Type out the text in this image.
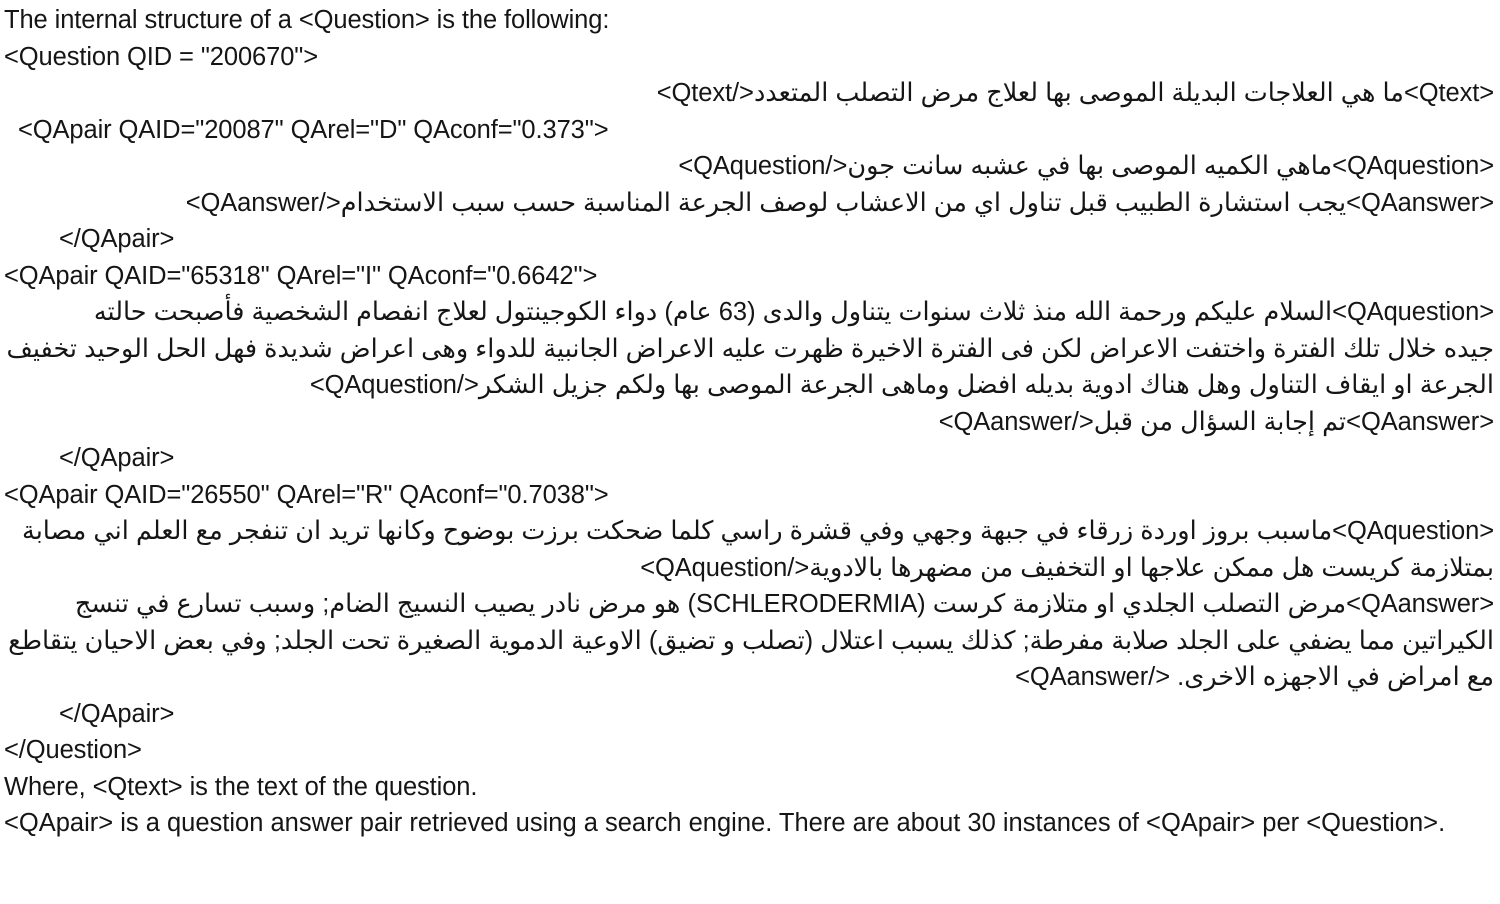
The internal structure of a <Question> is the following:
<Question QID = "200670">
<Qtext>ما هي العلاجات البديلة الموصى بها لعلاج مرض التصلب المتعدد</Qtext>
<QApair QAID="20087" QArel="D" QAconf="0.373">
<QAquestion>ماهي الكميه الموصى بها في عشبه سانت جون</QAquestion>
<QAanswer>يجب استشارة الطبيب قبل تناول اي من الاعشاب لوصف الجرعة المناسبة حسب سبب الاستخدام</QAanswer>
</QApair>
<QApair QAID="65318" QArel="I" QAconf="0.6642">
<QAquestion>السلام عليكم ورحمة الله منذ ثلاث سنوات يتناول والدى (63 عام) دواء الكوجينتول لعلاج انفصام الشخصية فأصبحت حالته
جيده خلال تلك الفترة واختفت الاعراض لكن فى الفترة الاخيرة ظهرت عليه الاعراض الجانبية للدواء وهى اعراض شديدة فهل الحل الوحيد تخفيف
الجرعة او ايقاف التناول وهل هناك ادوية بديله افضل وماهى الجرعة الموصى بها ولكم جزيل الشكر</QAquestion>
<QAanswer>تم إجابة السؤال من قبل</QAanswer>
</QApair>
<QApair QAID="26550" QArel="R" QAconf="0.7038">
<QAquestion>ماسبب بروز اوردة زرقاء في جبهة وجهي وفي قشرة راسي كلما ضحكت برزت بوضوح وكانها تريد ان تنفجر مع العلم اني مصابة
بمتلازمة كريست هل ممكن علاجها او التخفيف من مضهرها بالادوية</QAquestion>
<QAanswer>مرض التصلب الجلدي او متلازمة كرست (SCHLERODERMIA) هو مرض نادر يصيب النسيج الضام; وسبب تسارع في تنسج
الكيراتين مما يضفي على الجلد صلابة مفرطة; كذلك يسبب اعتلال (تصلب و تضيق) الاوعية الدموية الصغيرة تحت الجلد; وفي بعض الاحيان يتقاطع
مع امراض في الاجهزه الاخرى. </QAanswer>
</QApair>
</Question>
Where, <Qtext> is the text of the question.
<QApair> is a question answer pair retrieved using a search engine. There are about 30 instances of <QApair> per <Question>.
